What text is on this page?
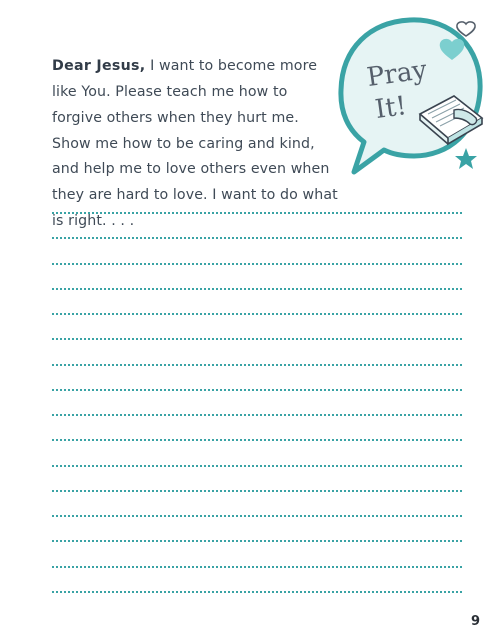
Dear Jesus, I want to become more like You. Please teach me how to forgive others when they hurt me. Show me how to be caring and kind, and help me to love others even when they are hard to love. I want to do what is right. . . .

Pray
It!
9
